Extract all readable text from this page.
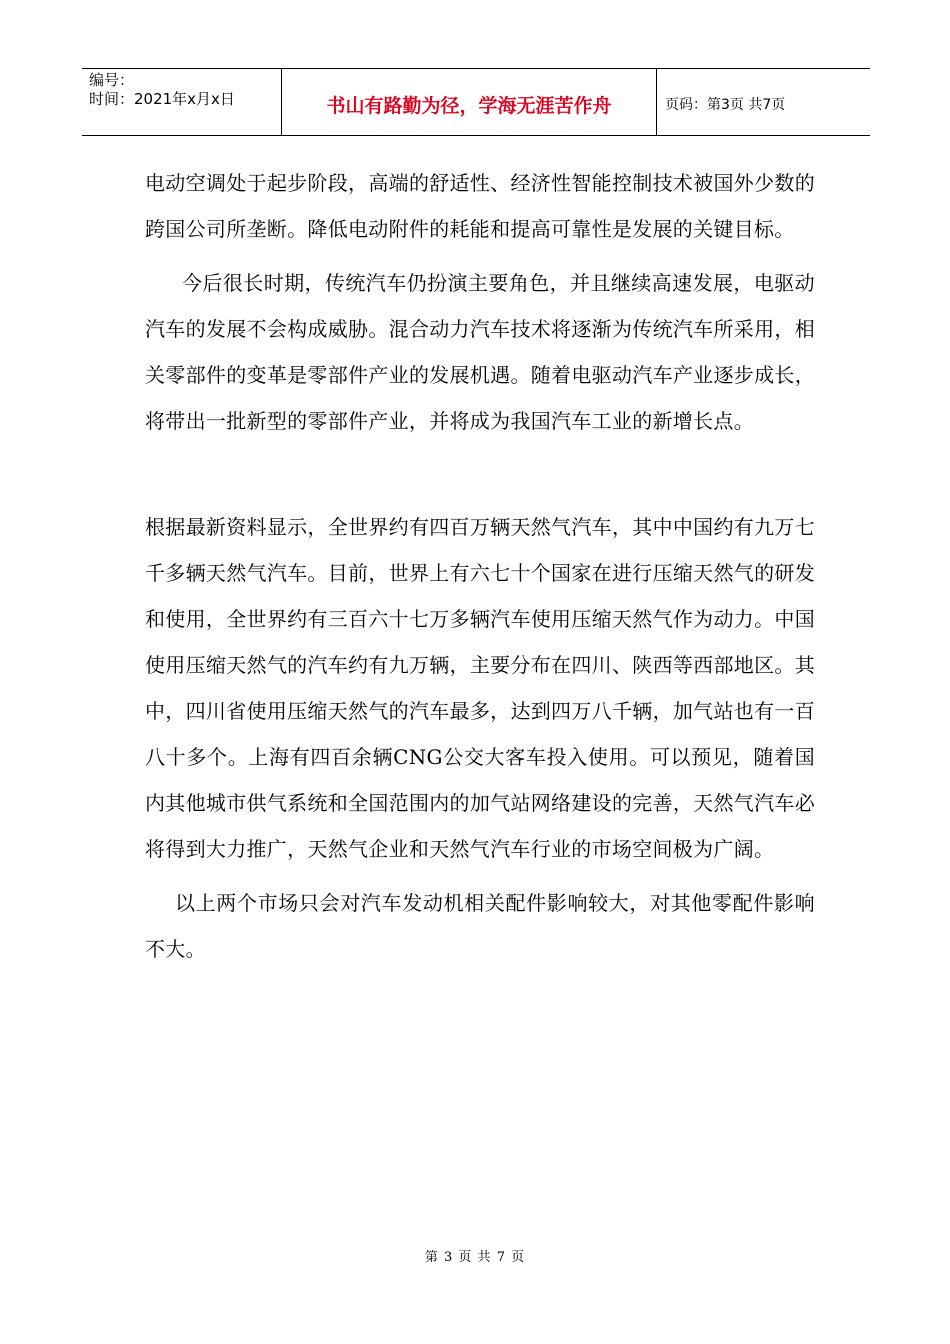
编号：
时间：2021年x月x日	书山有路勤为径，学海无涯苦作舟	页码：第3页 共7页

电动空调处于起步阶段，高端的舒适性、经济性智能控制技术被国外少数的跨国公司所垄断。降低电动附件的耗能和提高可靠性是发展的关键目标。

今后很长时期，传统汽车仍扮演主要角色，并且继续高速发展，电驱动汽车的发展不会构成威胁。混合动力汽车技术将逐渐为传统汽车所采用，相关零部件的变革是零部件产业的发展机遇。随着电驱动汽车产业逐步成长，将带出一批新型的零部件产业，并将成为我国汽车工业的新增长点。

根据最新资料显示，全世界约有四百万辆天然气汽车，其中中国约有九万七千多辆天然气汽车。目前，世界上有六七十个国家在进行压缩天然气的研发和使用，全世界约有三百六十七万多辆汽车使用压缩天然气作为动力。中国使用压缩天然气的汽车约有九万辆，主要分布在四川、陕西等西部地区。其中，四川省使用压缩天然气的汽车最多，达到四万八千辆，加气站也有一百八十多个。上海有四百余辆CNG公交大客车投入使用。可以预见，随着国内其他城市供气系统和全国范围内的加气站网络建设的完善，天然气汽车必将得到大力推广，天然气企业和天然气汽车行业的市场空间极为广阔。

以上两个市场只会对汽车发动机相关配件影响较大，对其他零配件影响不大。

第 3 页 共 7 页
